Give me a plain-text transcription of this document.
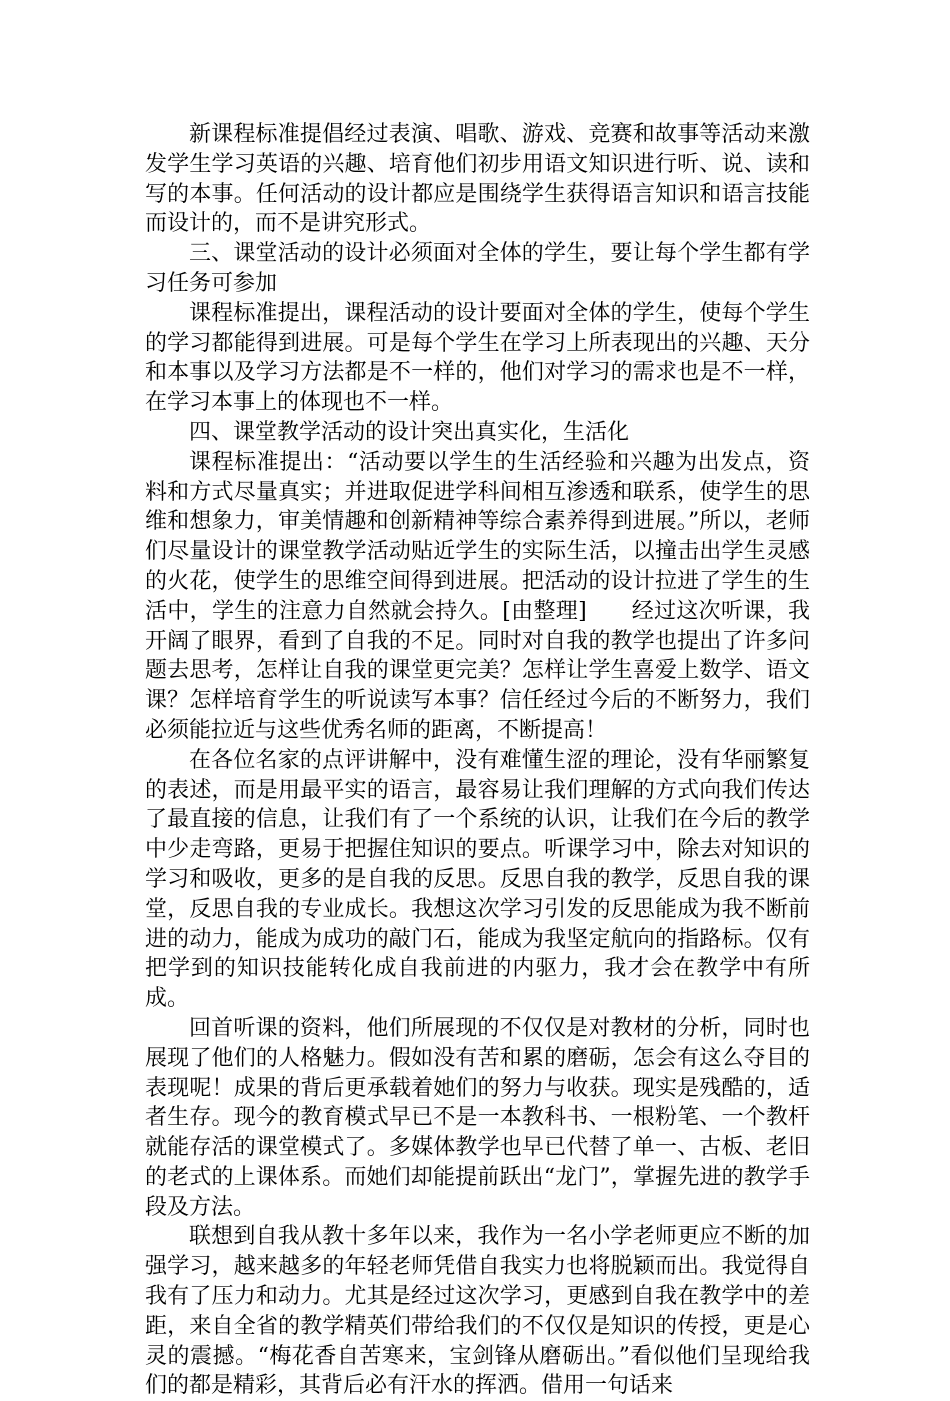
新课程标准提倡经过表演、唱歌、游戏、竞赛和故事等活动来激发学生学习英语的兴趣、培育他们初步用语文知识进行听、说、读和写的本事。任何活动的设计都应是围绕学生获得语言知识和语言技能而设计的，而不是讲究形式。

三、课堂活动的设计必须面对全体的学生，要让每个学生都有学习任务可参加

课程标准提出，课程活动的设计要面对全体的学生，使每个学生的学习都能得到进展。可是每个学生在学习上所表现出的兴趣、天分和本事以及学习方法都是不一样的，他们对学习的需求也是不一样，在学习本事上的体现也不一样。

四、课堂教学活动的设计突出真实化，生活化

课程标准提出：“活动要以学生的生活经验和兴趣为出发点，资料和方式尽量真实；并进取促进学科间相互渗透和联系，使学生的思维和想象力，审美情趣和创新精神等综合素养得到进展。”所以，老师们尽量设计的课堂教学活动贴近学生的实际生活，以撞击出学生灵感的火花，使学生的思维空间得到进展。把活动的设计拉进了学生的生活中，学生的注意力自然就会持久。[由整理]　　经过这次听课，我开阔了眼界，看到了自我的不足。同时对自我的教学也提出了许多问题去思考，怎样让自我的课堂更完美？怎样让学生喜爱上数学、语文课？怎样培育学生的听说读写本事？信任经过今后的不断努力，我们必须能拉近与这些优秀名师的距离，不断提高！

在各位名家的点评讲解中，没有难懂生涩的理论，没有华丽繁复的表述，而是用最平实的语言，最容易让我们理解的方式向我们传达了最直接的信息，让我们有了一个系统的认识，让我们在今后的教学中少走弯路，更易于把握住知识的要点。听课学习中，除去对知识的学习和吸收，更多的是自我的反思。反思自我的教学，反思自我的课堂，反思自我的专业成长。我想这次学习引发的反思能成为我不断前进的动力，能成为成功的敲门石，能成为我坚定航向的指路标。仅有把学到的知识技能转化成自我前进的内驱力，我才会在教学中有所成。

回首听课的资料，他们所展现的不仅仅是对教材的分析，同时也展现了他们的人格魅力。假如没有苦和累的磨砺，怎会有这么夺目的表现呢！成果的背后更承载着她们的努力与收获。现实是残酷的，适者生存。现今的教育模式早已不是一本教科书、一根粉笔、一个教杆就能存活的课堂模式了。多媒体教学也早已代替了单一、古板、老旧的老式的上课体系。而她们却能提前跃出“龙门”，掌握先进的教学手段及方法。

联想到自我从教十多年以来，我作为一名小学老师更应不断的加强学习，越来越多的年轻老师凭借自我实力也将脱颖而出。我觉得自我有了压力和动力。尤其是经过这次学习，更感到自我在教学中的差距，来自全省的教学精英们带给我们的不仅仅是知识的传授，更是心灵的震撼。“梅花香自苦寒来，宝剑锋从磨砺出。”看似他们呈现给我们的都是精彩，其背后必有汗水的挥洒。借用一句话来
